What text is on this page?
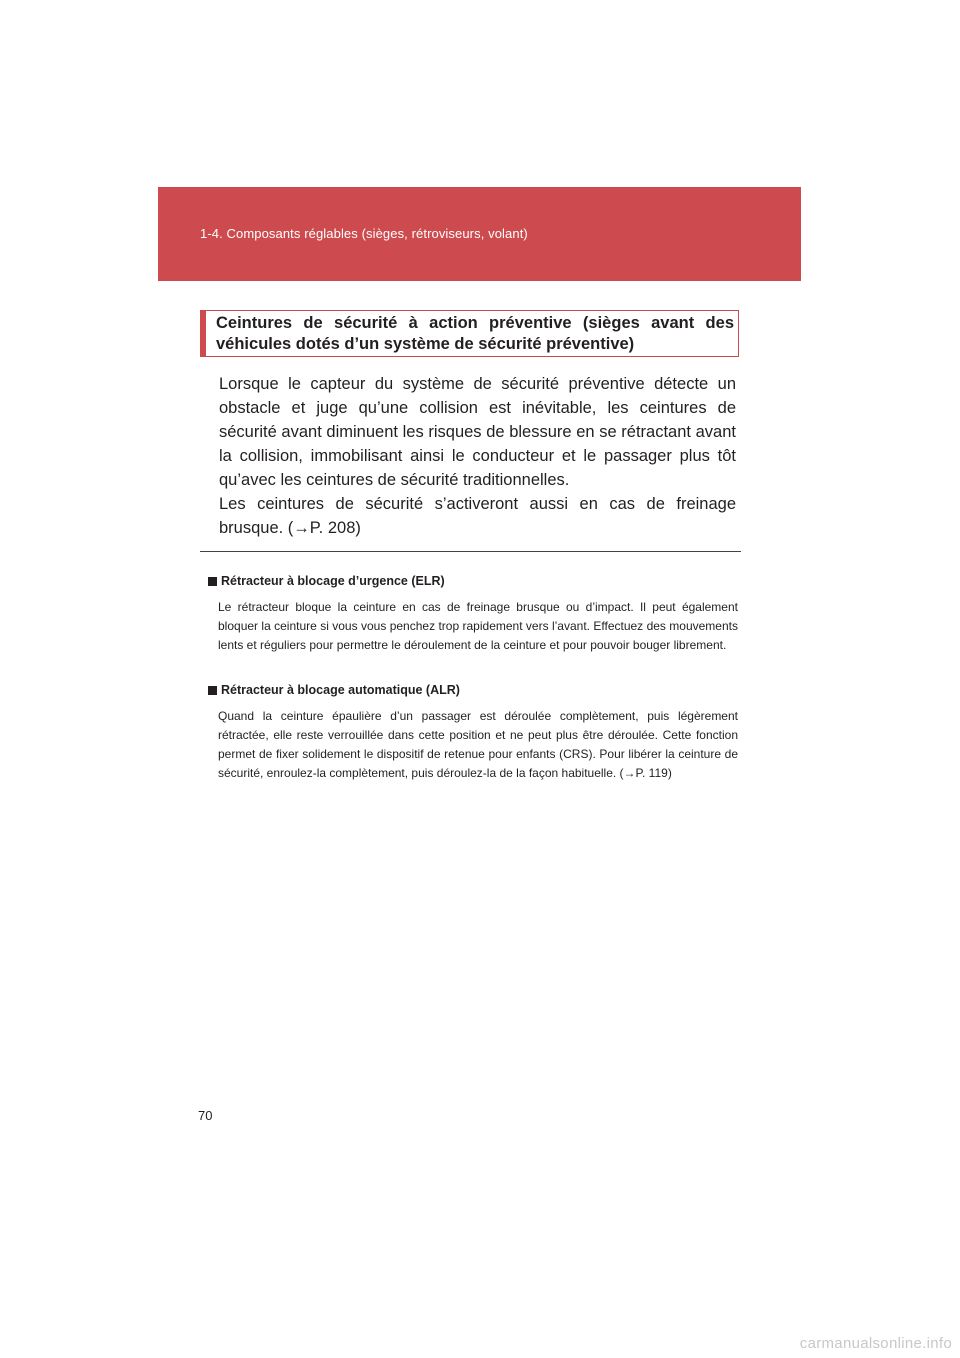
1-4. Composants réglables (sièges, rétroviseurs, volant)
Ceintures de sécurité à action préventive (sièges avant des véhicules dotés d’un système de sécurité préventive)

Lorsque le capteur du système de sécurité préventive détecte un obstacle et juge qu’une collision est inévitable, les ceintures de sécurité avant diminuent les risques de blessure en se rétractant avant la collision, immobilisant ainsi le conducteur et le passager plus tôt qu’avec les ceintures de sécurité traditionnelles.

Les ceintures de sécurité s’activeront aussi en cas de freinage brusque. (→P. 208)

Rétracteur à blocage d’urgence (ELR)
Le rétracteur bloque la ceinture en cas de freinage brusque ou d’impact. Il peut également bloquer la ceinture si vous vous penchez trop rapidement vers l’avant. Effectuez des mouvements lents et réguliers pour permettre le déroulement de la ceinture et pour pouvoir bouger librement.
Rétracteur à blocage automatique (ALR)
Quand la ceinture épaulière d’un passager est déroulée complètement, puis légèrement rétractée, elle reste verrouillée dans cette position et ne peut plus être déroulée. Cette fonction permet de fixer solidement le dispositif de retenue pour enfants (CRS). Pour libérer la ceinture de sécurité, enroulez-la complètement, puis déroulez-la de la façon habituelle. (→P. 119)
70
carmanualsonline.info
